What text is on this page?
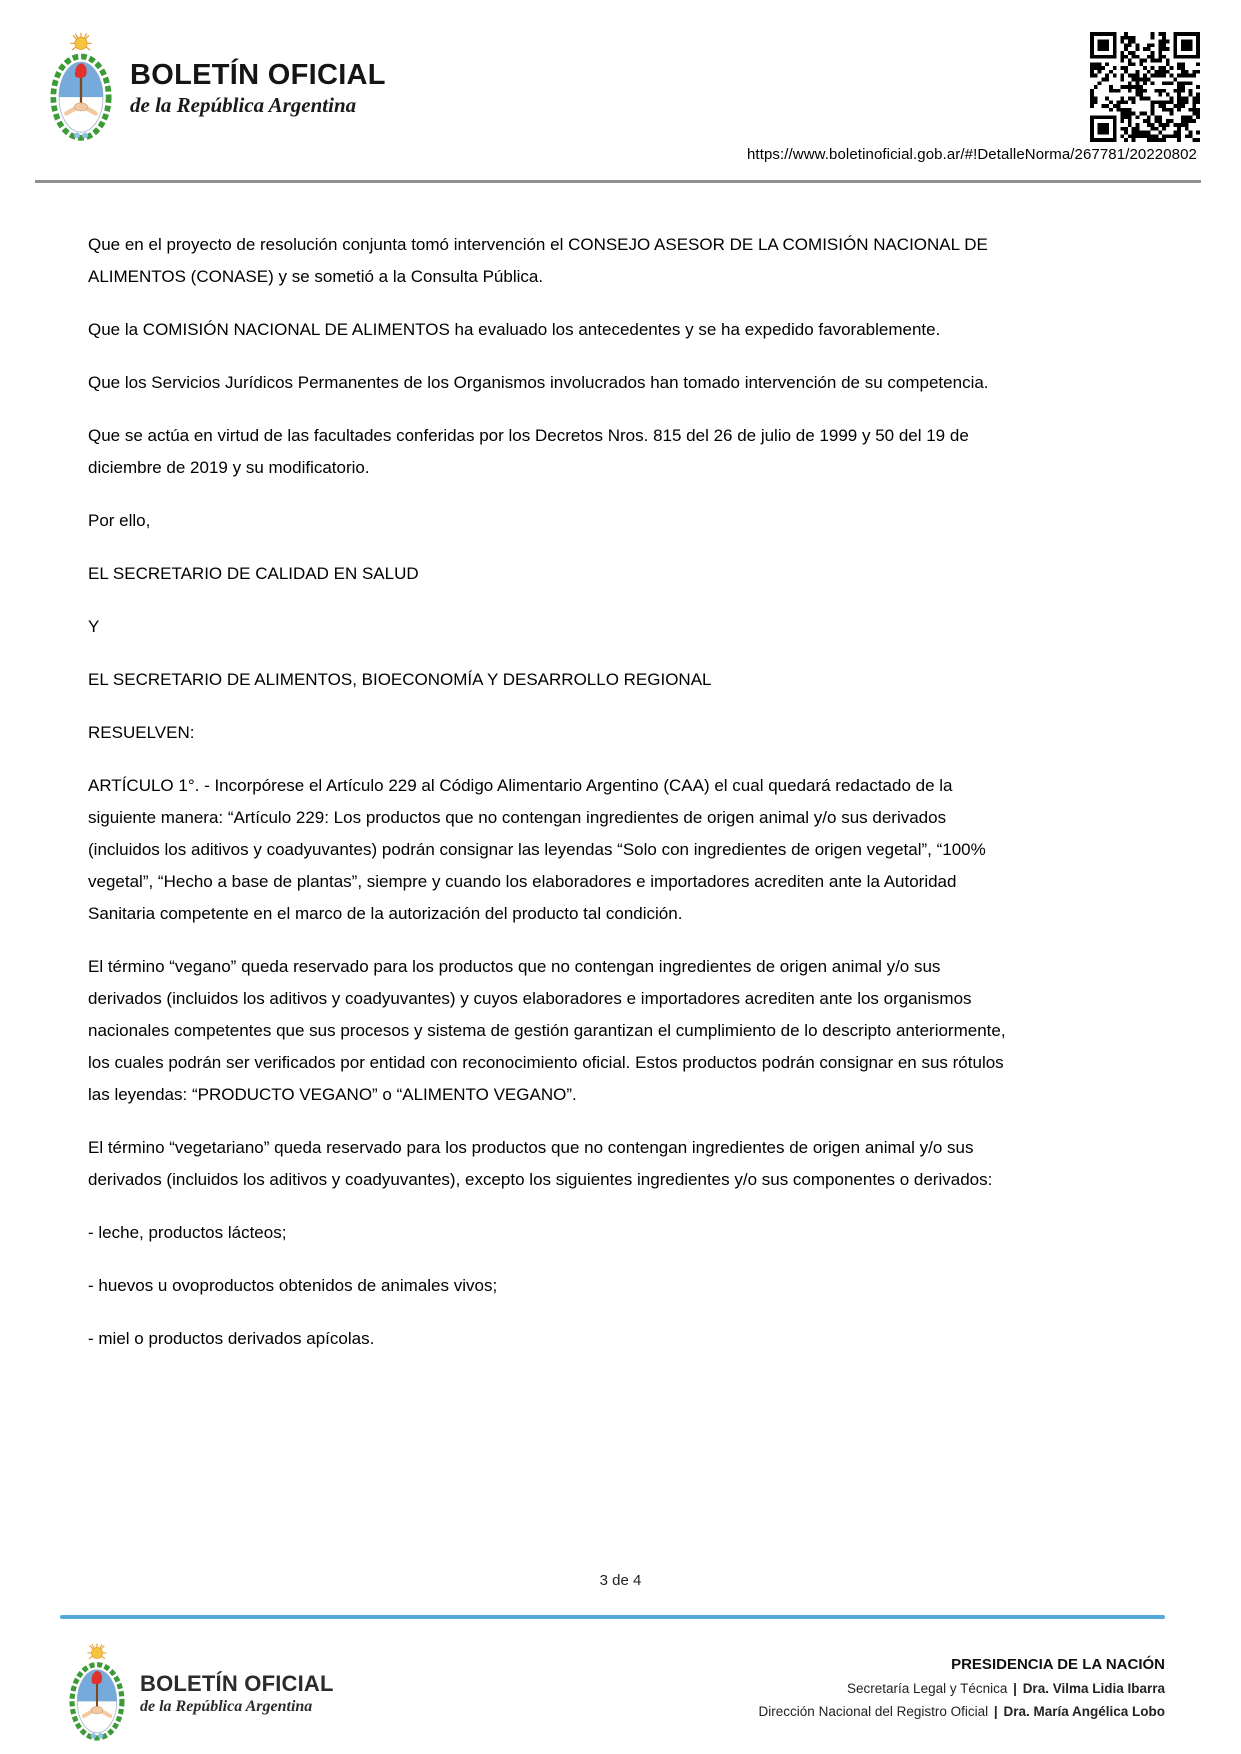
BOLETÍN OFICIAL
de la República Argentina
https://www.boletinoficial.gob.ar/#!DetalleNorma/267781/20220802

Que en el proyecto de resolución conjunta tomó intervención el CONSEJO ASESOR DE LA COMISIÓN NACIONAL DE ALIMENTOS (CONASE) y se sometió a la Consulta Pública.

Que la COMISIÓN NACIONAL DE ALIMENTOS ha evaluado los antecedentes y se ha expedido favorablemente.

Que los Servicios Jurídicos Permanentes de los Organismos involucrados han tomado intervención de su competencia.

Que se actúa en virtud de las facultades conferidas por los Decretos Nros. 815 del 26 de julio de 1999 y 50 del 19 de diciembre de 2019 y su modificatorio.

Por ello,

EL SECRETARIO DE CALIDAD EN SALUD

Y

EL SECRETARIO DE ALIMENTOS, BIOECONOMÍA Y DESARROLLO REGIONAL

RESUELVEN:

ARTÍCULO 1°. - Incorpórese el Artículo 229 al Código Alimentario Argentino (CAA) el cual quedará redactado de la siguiente manera: “Artículo 229: Los productos que no contengan ingredientes de origen animal y/o sus derivados (incluidos los aditivos y coadyuvantes) podrán consignar las leyendas “Solo con ingredientes de origen vegetal”, “100% vegetal”, “Hecho a base de plantas”, siempre y cuando los elaboradores e importadores acrediten ante la Autoridad Sanitaria competente en el marco de la autorización del producto tal condición.

El término “vegano” queda reservado para los productos que no contengan ingredientes de origen animal y/o sus derivados (incluidos los aditivos y coadyuvantes) y cuyos elaboradores e importadores acrediten ante los organismos nacionales competentes que sus procesos y sistema de gestión garantizan el cumplimiento de lo descripto anteriormente, los cuales podrán ser verificados por entidad con reconocimiento oficial. Estos productos podrán consignar en sus rótulos las leyendas: “PRODUCTO VEGANO” o “ALIMENTO VEGANO”.

El término “vegetariano” queda reservado para los productos que no contengan ingredientes de origen animal y/o sus derivados (incluidos los aditivos y coadyuvantes), excepto los siguientes ingredientes y/o sus componentes o derivados:

- leche, productos lácteos;

- huevos u ovoproductos obtenidos de animales vivos;

- miel o productos derivados apícolas.

3 de 4
BOLETÍN OFICIAL
de la República Argentina
PRESIDENCIA DE LA NACIÓN
Secretaría Legal y Técnica | Dra. Vilma Lidia Ibarra
Dirección Nacional del Registro Oficial | Dra. María Angélica Lobo
